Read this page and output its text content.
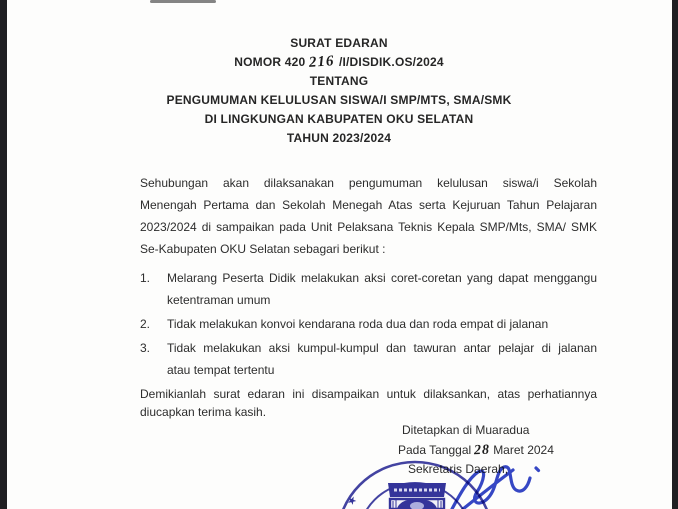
SURAT EDARAN
NOMOR 420 216 /I/DISDIK.OS/2024
TENTANG
PENGUMUMAN KELULUSAN SISWA/I SMP/MTS, SMA/SMK
DI LINGKUNGAN KABUPATEN OKU SELATAN
TAHUN 2023/2024
Sehubungan akan dilaksanakan pengumuman kelulusan siswa/i Sekolah
Menengah Pertama dan Sekolah Menegah Atas serta Kejuruan Tahun Pelajaran
2023/2024 di sampaikan pada Unit Pelaksana Teknis Kepala SMP/Mts, SMA/ SMK
Se-Kabupaten OKU Selatan sebagari berikut :
1.	Melarang Peserta Didik melakukan aksi coret-coretan yang dapat menggangu
ketentraman umum
2.	Tidak melakukan konvoi kendarana roda dua dan roda empat di jalanan
3.	Tidak melakukan aksi kumpul-kumpul dan tawuran antar pelajar di jalanan
atau tempat tertentu
Demikianlah surat edaran ini disampaikan untuk dilaksankan, atas perhatiannya
diucapkan terima kasih.
Ditetapkan di Muaradua
Pada Tanggal 28 Maret 2024
Sekretaris Daerah,
★
